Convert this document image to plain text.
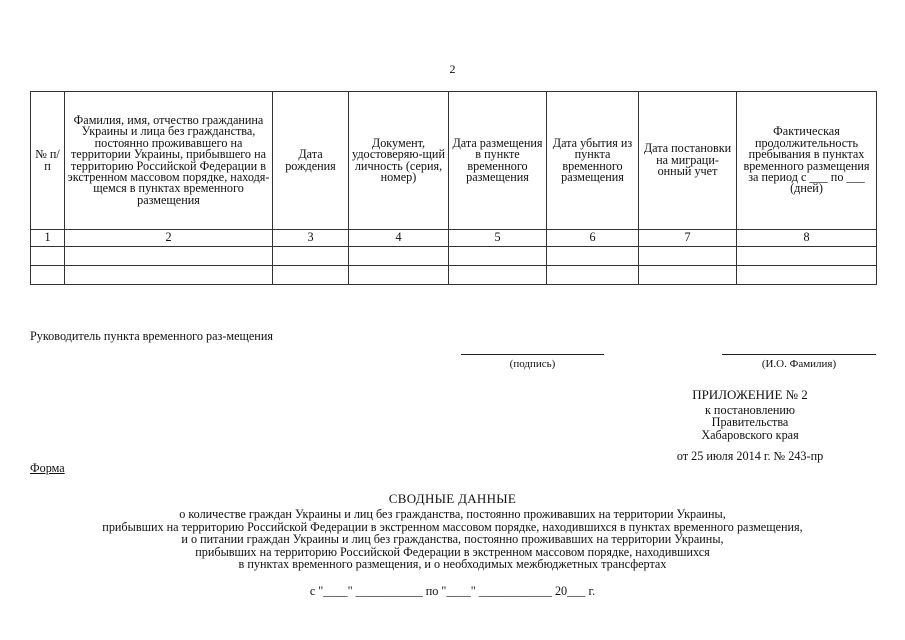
2
№ п/п	Фамилия, имя, отчество гражданина Украины и лица без гражданства, постоянно проживавшего на территории Украины, прибывшего на территорию Российской Федерации в экстренном массовом порядке, находя-щемся в пунктах временного размещения	Дата рождения	Документ, удостоверяю-щий личность (серия, номер)	Дата размещения в пункте временного размещения	Дата убытия из пункта временного размещения	Дата постановки на миграци-онный учет	Фактическая продолжительность пребывания в пунктах временного размещения за период с ___ по ___ (дней)
1	2	3	4	5	6	7	8

Руководитель пункта временного раз-мещения
(подпись)	(И.О. Фамилия)
ПРИЛОЖЕНИЕ № 2
к постановлению
Правительства
Хабаровского края
от 25 июля 2014 г. № 243-пр
Форма
СВОДНЫЕ ДАННЫЕ
о количестве граждан Украины и лиц без гражданства, постоянно проживавших на территории Украины,
прибывших на территорию Российской Федерации в экстренном массовом порядке, находившихся в пунктах временного размещения,
и о питании граждан Украины и лиц без гражданства, постоянно проживавших на территории Украины,
прибывших на территорию Российской Федерации в экстренном массовом порядке, находившихся
в пунктах временного размещения, и о необходимых межбюджетных трансфертах
с "____" ___________ по "____" ____________ 20___ г.
